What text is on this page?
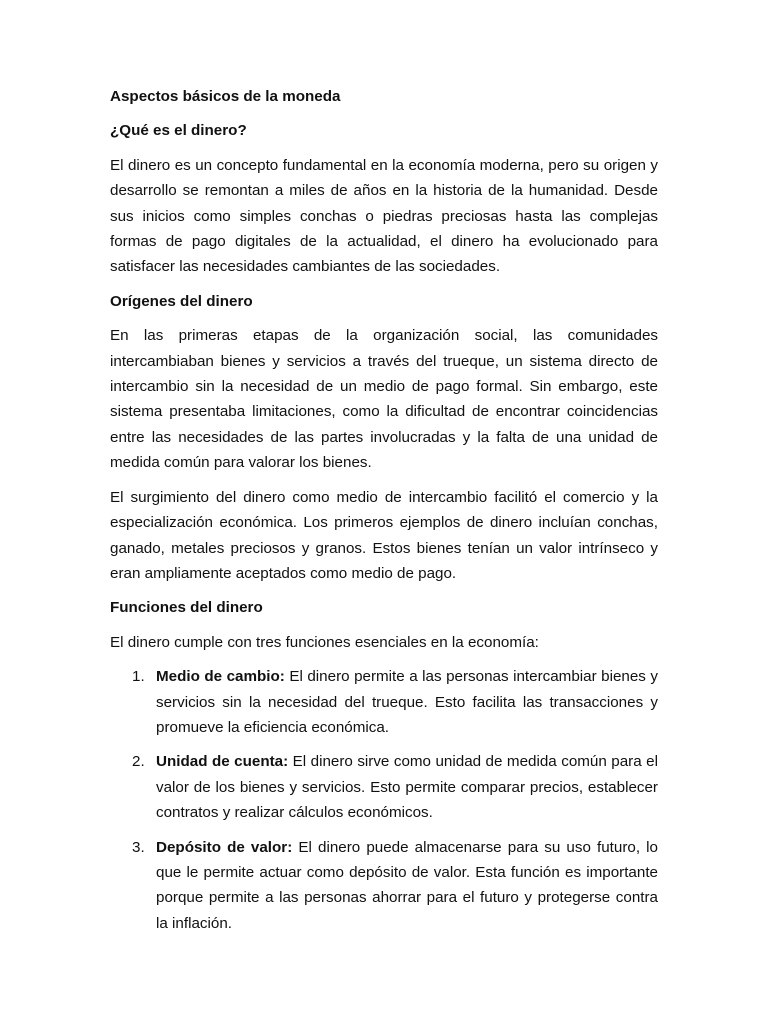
Aspectos básicos de la moneda

¿Qué es el dinero?

El dinero es un concepto fundamental en la economía moderna, pero su origen y desarrollo se remontan a miles de años en la historia de la humanidad. Desde sus inicios como simples conchas o piedras preciosas hasta las complejas formas de pago digitales de la actualidad, el dinero ha evolucionado para satisfacer las necesidades cambiantes de las sociedades.

Orígenes del dinero

En las primeras etapas de la organización social, las comunidades intercambiaban bienes y servicios a través del trueque, un sistema directo de intercambio sin la necesidad de un medio de pago formal. Sin embargo, este sistema presentaba limitaciones, como la dificultad de encontrar coincidencias entre las necesidades de las partes involucradas y la falta de una unidad de medida común para valorar los bienes.

El surgimiento del dinero como medio de intercambio facilitó el comercio y la especialización económica. Los primeros ejemplos de dinero incluían conchas, ganado, metales preciosos y granos. Estos bienes tenían un valor intrínseco y eran ampliamente aceptados como medio de pago.

Funciones del dinero

El dinero cumple con tres funciones esenciales en la economía:

1. Medio de cambio: El dinero permite a las personas intercambiar bienes y servicios sin la necesidad del trueque. Esto facilita las transacciones y promueve la eficiencia económica.
2. Unidad de cuenta: El dinero sirve como unidad de medida común para el valor de los bienes y servicios. Esto permite comparar precios, establecer contratos y realizar cálculos económicos.
3. Depósito de valor: El dinero puede almacenarse para su uso futuro, lo que le permite actuar como depósito de valor. Esta función es importante porque permite a las personas ahorrar para el futuro y protegerse contra la inflación.
